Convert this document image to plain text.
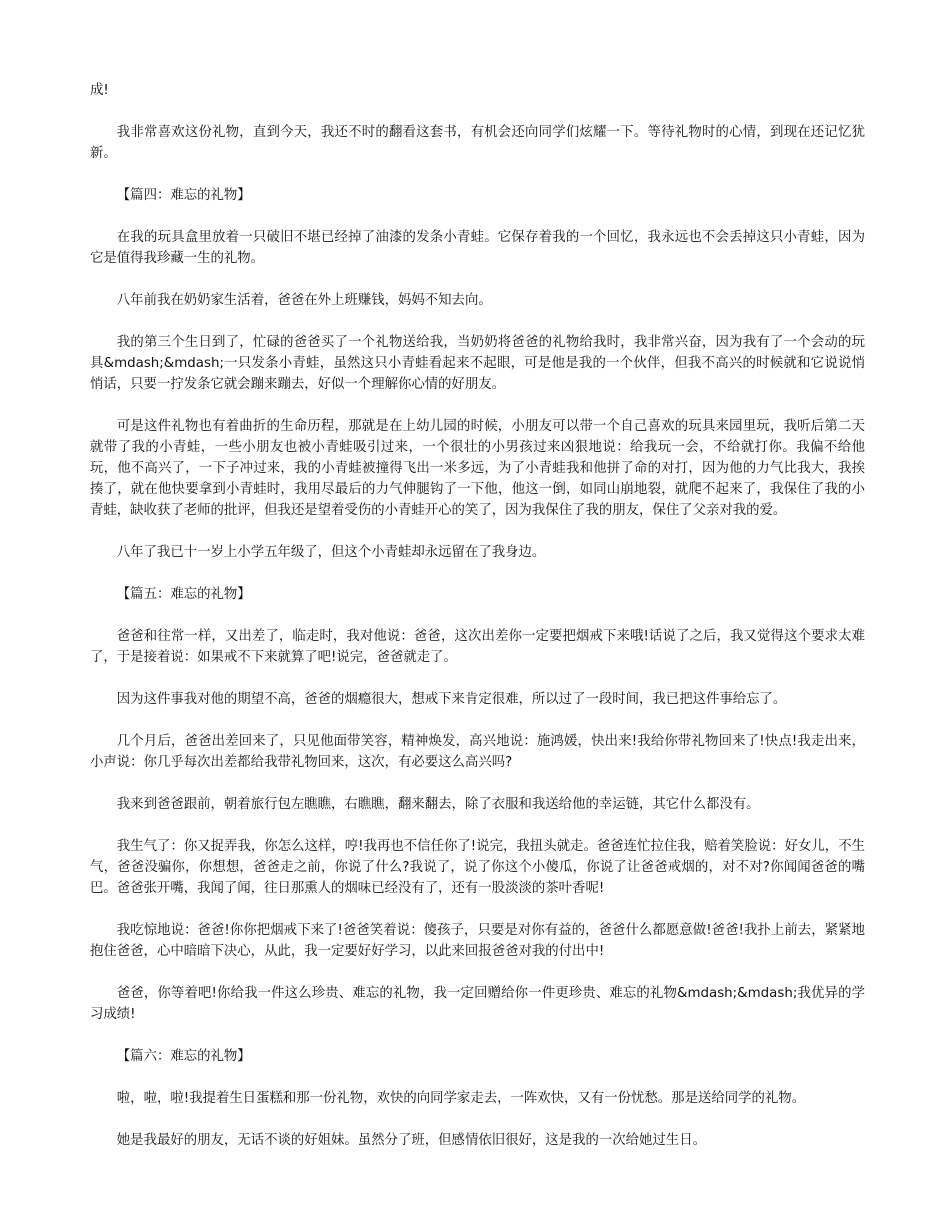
成!

我非常喜欢这份礼物，直到今天，我还不时的翻看这套书，有机会还向同学们炫耀一下。等待礼物时的心情，到现在还记忆犹新。

【篇四：难忘的礼物】

在我的玩具盒里放着一只破旧不堪已经掉了油漆的发条小青蛙。它保存着我的一个回忆，我永远也不会丢掉这只小青蛙，因为它是值得我珍藏一生的礼物。

八年前我在奶奶家生活着，爸爸在外上班赚钱，妈妈不知去向。

我的第三个生日到了，忙碌的爸爸买了一个礼物送给我，当奶奶将爸爸的礼物给我时，我非常兴奋，因为我有了一个会动的玩具&mdash;&mdash;一只发条小青蛙，虽然这只小青蛙看起来不起眼，可是他是我的一个伙伴，但我不高兴的时候就和它说说悄悄话，只要一拧发条它就会蹦来蹦去，好似一个理解你心情的好朋友。

可是这件礼物也有着曲折的生命历程，那就是在上幼儿园的时候，小朋友可以带一个自己喜欢的玩具来园里玩，我听后第二天就带了我的小青蛙，一些小朋友也被小青蛙吸引过来，一个很壮的小男孩过来凶狠地说：给我玩一会，不给就打你。我偏不给他玩，他不高兴了，一下子冲过来，我的小青蛙被撞得飞出一米多远，为了小青蛙我和他拼了命的对打，因为他的力气比我大，我挨揍了，就在他快要拿到小青蛙时，我用尽最后的力气伸腿钩了一下他，他这一倒，如同山崩地裂，就爬不起来了，我保住了我的小青蛙，缺收获了老师的批评，但我还是望着受伤的小青蛙开心的笑了，因为我保住了我的朋友，保住了父亲对我的爱。

八年了我已十一岁上小学五年级了，但这个小青蛙却永远留在了我身边。

【篇五：难忘的礼物】

爸爸和往常一样，又出差了，临走时，我对他说：爸爸，这次出差你一定要把烟戒下来哦!话说了之后，我又觉得这个要求太难了，于是接着说：如果戒不下来就算了吧!说完，爸爸就走了。

因为这件事我对他的期望不高，爸爸的烟瘾很大，想戒下来肯定很难，所以过了一段时间，我已把这件事给忘了。

几个月后，爸爸出差回来了，只见他面带笑容，精神焕发，高兴地说：施鸿媛，快出来!我给你带礼物回来了!快点!我走出来，小声说：你几乎每次出差都给我带礼物回来，这次，有必要这么高兴吗?

我来到爸爸跟前，朝着旅行包左瞧瞧，右瞧瞧，翻来翻去，除了衣服和我送给他的幸运链，其它什么都没有。

我生气了：你又捉弄我，你怎么这样，哼!我再也不信任你了!说完，我扭头就走。爸爸连忙拉住我，赔着笑脸说：好女儿，不生气，爸爸没骗你，你想想，爸爸走之前，你说了什么?我说了，说了你这个小傻瓜，你说了让爸爸戒烟的，对不对?你闻闻爸爸的嘴巴。爸爸张开嘴，我闻了闻，往日那熏人的烟味已经没有了，还有一股淡淡的茶叶香呢!

我吃惊地说：爸爸!你你把烟戒下来了!爸爸笑着说：傻孩子，只要是对你有益的，爸爸什么都愿意做!爸爸!我扑上前去，紧紧地抱住爸爸，心中暗暗下决心，从此，我一定要好好学习，以此来回报爸爸对我的付出中!

爸爸，你等着吧!你给我一件这么珍贵、难忘的礼物，我一定回赠给你一件更珍贵、难忘的礼物&mdash;&mdash;我优异的学习成绩!

【篇六：难忘的礼物】

啦，啦，啦!我提着生日蛋糕和那一份礼物，欢快的向同学家走去，一阵欢快，又有一份忧愁。那是送给同学的礼物。

她是我最好的朋友，无话不谈的好姐妹。虽然分了班，但感情依旧很好，这是我的一次给她过生日。
